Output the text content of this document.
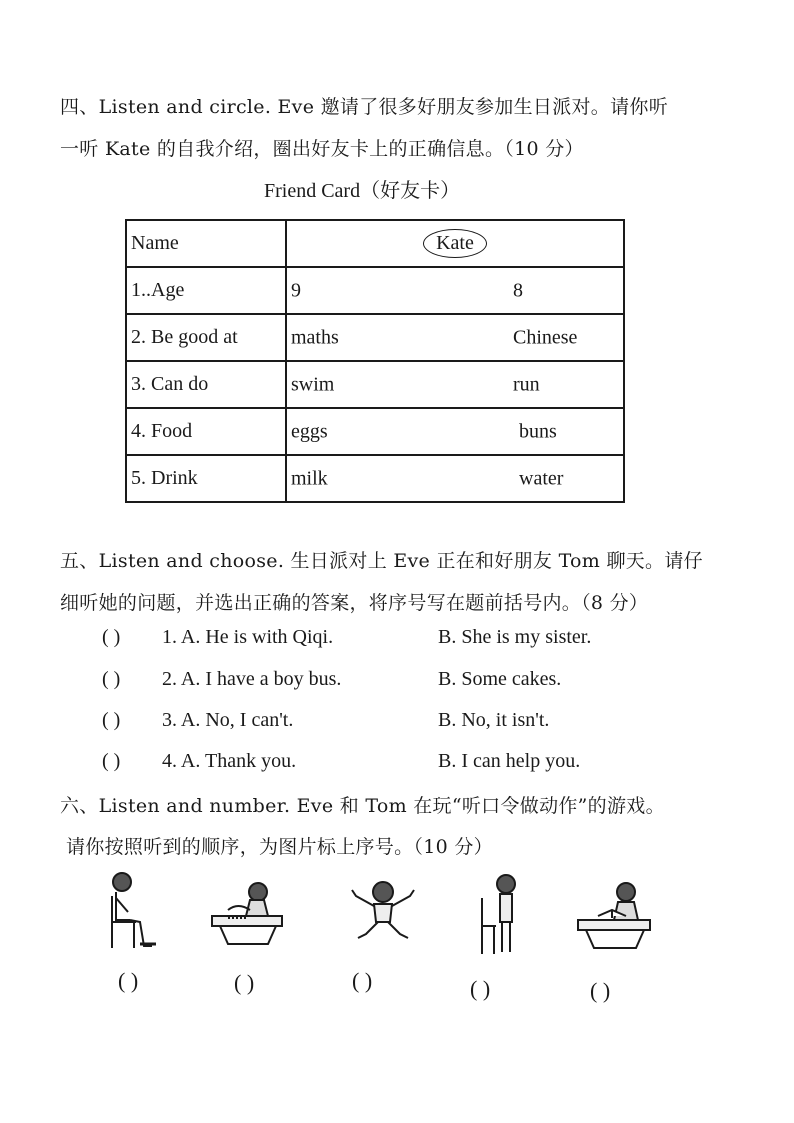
四、Listen and circle. Eve 邀请了很多好朋友参加生日派对。请你听
一听 Kate 的自我介绍，圈出好友卡上的正确信息。（10 分）
Friend Card（好友卡）
Name	Kate
1..Age	9 8

2. Be good at	maths Chinese

3. Can do	swim run

4. Food	eggs buns

5. Drink	milk water
五、Listen and choose. 生日派对上 Eve 正在和好朋友 Tom 聊天。请仔
细听她的问题，并选出正确的答案，将序号写在题前括号内。（8 分）
( ) 1. A. He is with Qiqi.	B. She is my sister.
( ) 2. A. I have a boy bus.	B. Some cakes.
( ) 3. A. No, I can't.	B. No, it isn't.
( ) 4. A. Thank you.	B. I can help you.
六、Listen and number. Eve 和 Tom 在玩“听口令做动作”的游戏。
请你按照听到的顺序，为图片标上序号。（10 分）
( )	( )	( )	( )	( )
